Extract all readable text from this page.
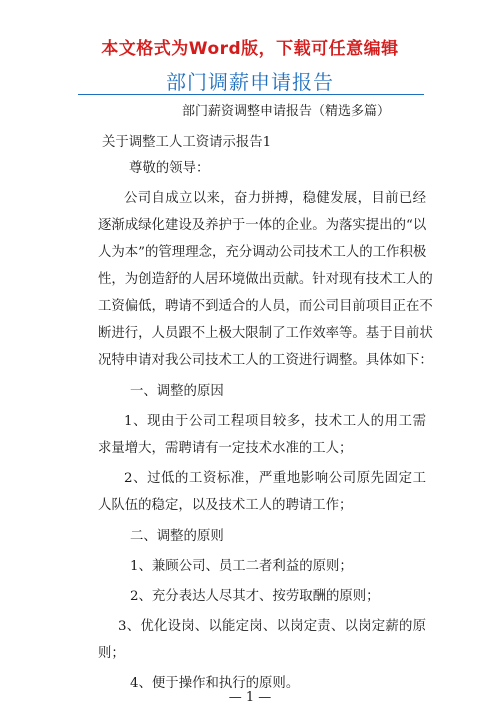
本文格式为Word版，下载可任意编辑
部门调薪申请报告
部门薪资调整申请报告（精选多篇）
关于调整工人工资请示报告1
尊敬的领导：
公司自成立以来，奋力拼搏，稳健发展，目前已经
逐渐成绿化建设及养护于一体的企业。为落实提出的“以
人为本”的管理理念，充分调动公司技术工人的工作积极
性，为创造舒的人居环境做出贡献。针对现有技术工人的
工资偏低，聘请不到适合的人员，而公司目前项目正在不
断进行，人员跟不上极大限制了工作效率等。基于目前状
况特申请对我公司技术工人的工资进行调整。具体如下：
一、调整的原因
1、现由于公司工程项目较多，技术工人的用工需
求量增大，需聘请有一定技术水准的工人；
2、过低的工资标准，严重地影响公司原先固定工
人队伍的稳定，以及技术工人的聘请工作；
二、调整的原则
1、兼顾公司、员工二者利益的原则；
2、充分表达人尽其才、按劳取酬的原则；
3、优化设岗、以能定岗、以岗定责、以岗定薪的原
则；
4、便于操作和执行的原则。
— 1 —
